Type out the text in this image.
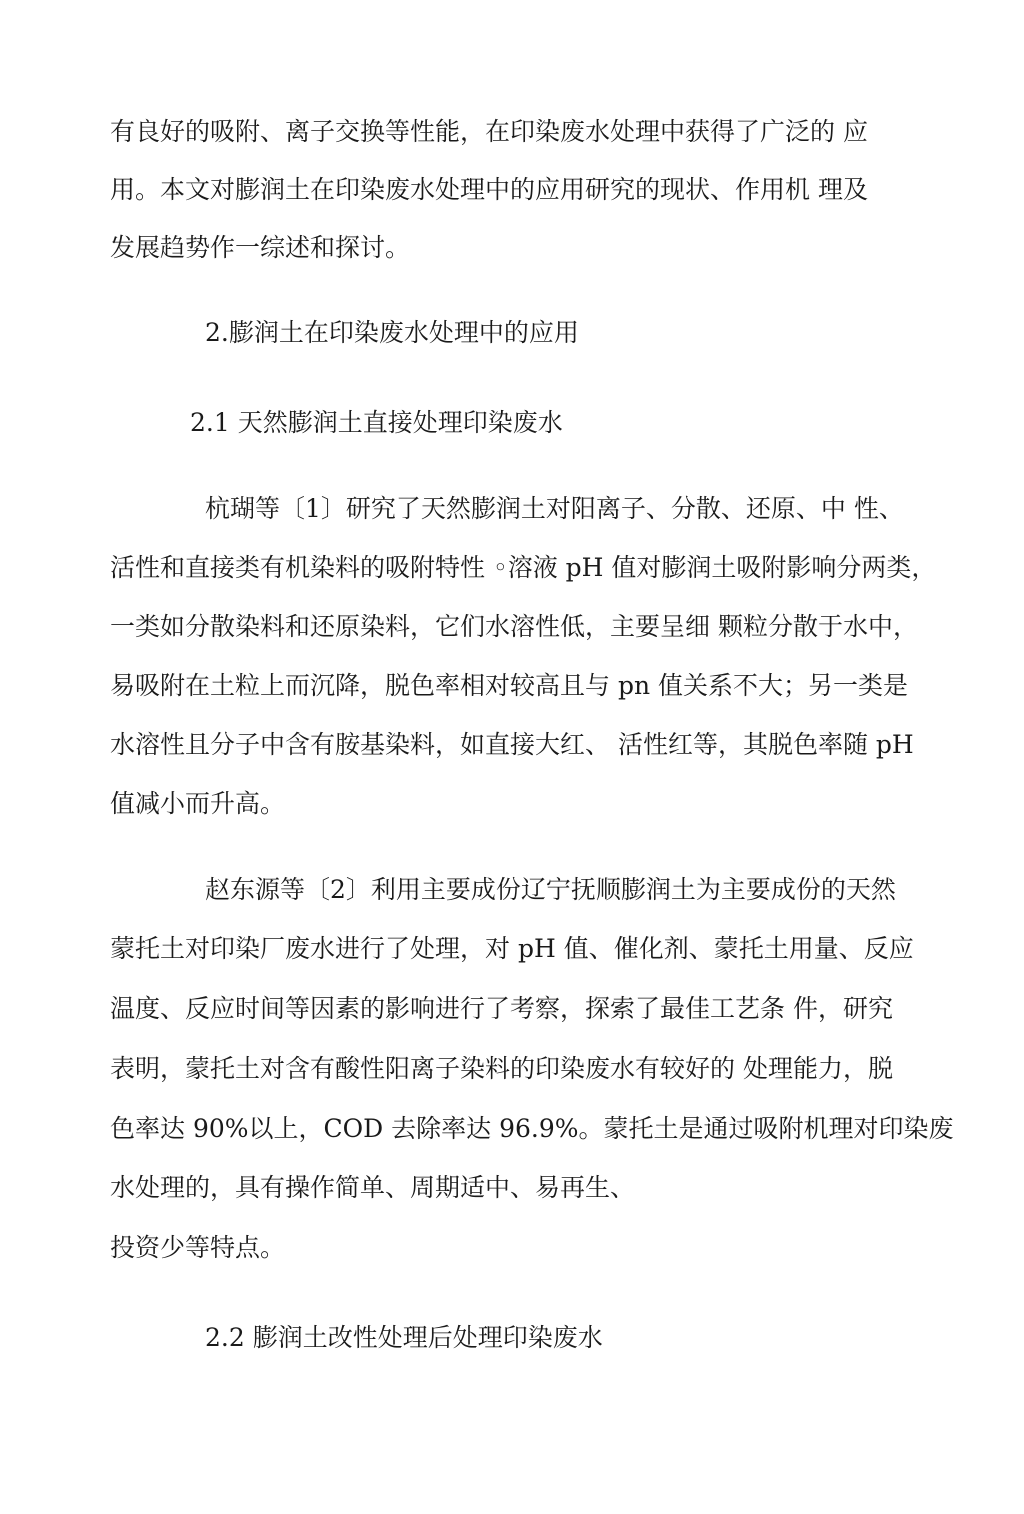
有良好的吸附、离子交换等性能，在印染废水处理中获得了广泛的 应
用。本文对膨润土在印染废水处理中的应用研究的现状、作用机 理及
发展趋势作一综述和探讨。
2.膨润土在印染废水处理中的应用
2.1 天然膨润土直接处理印染废水
杭瑚等〔1〕研究了天然膨润土对阳离子、分散、还原、中 性、
活性和直接类有机染料的吸附特性 ◦溶液 pH 值对膨润土吸附影响分两类，
一类如分散染料和还原染料，它们水溶性低，主要呈细 颗粒分散于水中，
易吸附在土粒上而沉降，脱色率相对较高且与 pn 值关系不大；另一类是
水溶性且分子中含有胺基染料，如直接大红、 活性红等，其脱色率随 pH
值减小而升高。
赵东源等〔2〕利用主要成份辽宁抚顺膨润土为主要成份的天然
蒙托土对印染厂废水进行了处理，对 pH 值、催化剂、蒙托土用量、反应
温度、反应时间等因素的影响进行了考察，探索了最佳工艺条 件，研究
表明，蒙托土对含有酸性阳离子染料的印染废水有较好的 处理能力，脱
色率达 90%以上，COD 去除率达 96.9%。蒙托土是通过吸附机理对印染废
水处理的，具有操作简单、周期适中、易再生、
投资少等特点。
2.2 膨润土改性处理后处理印染废水
